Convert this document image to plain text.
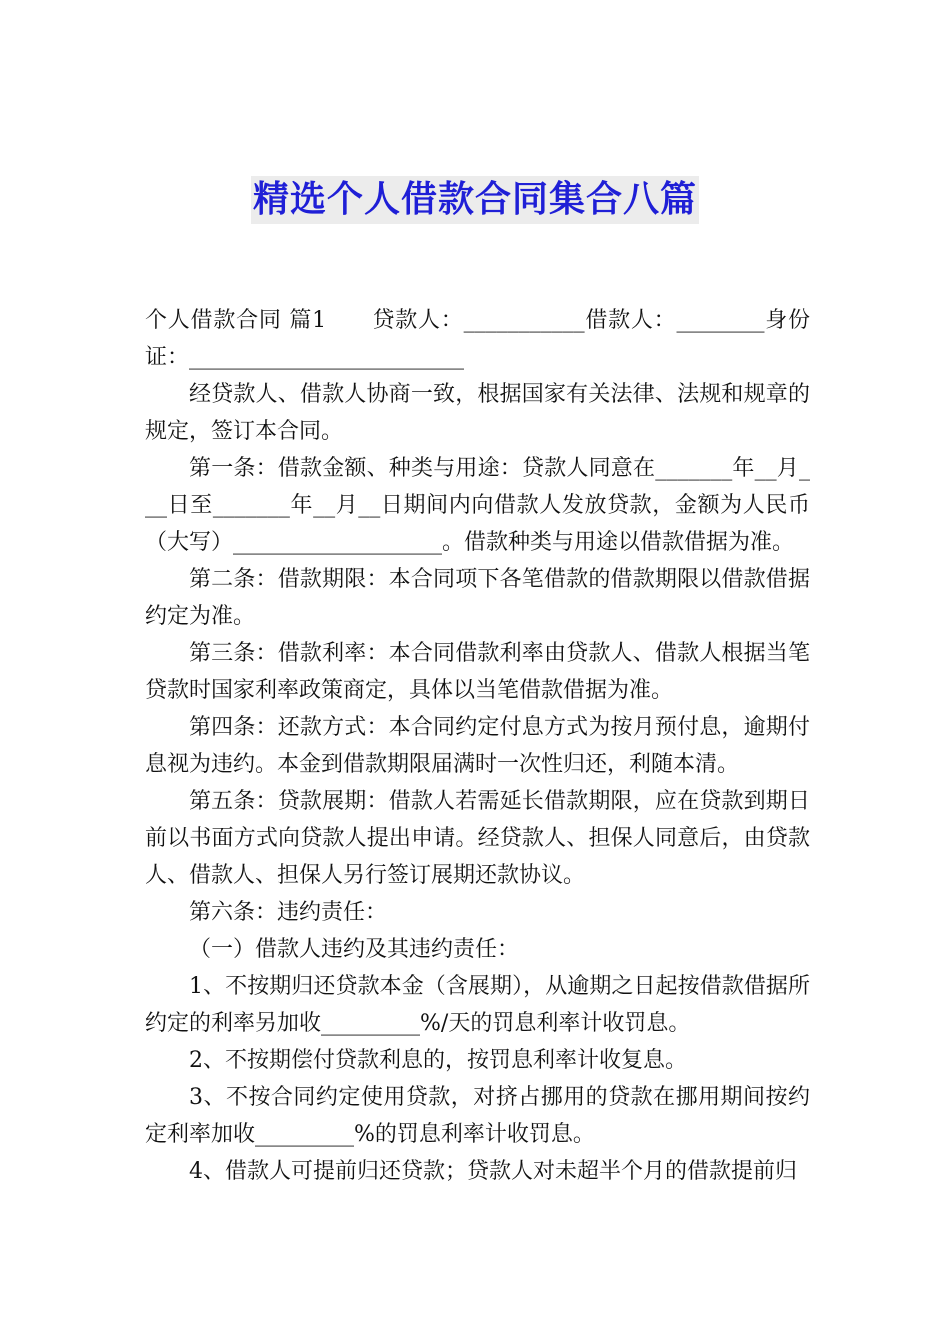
精选个人借款合同集合八篇

个人借款合同 篇1　　贷款人：___________借款人：________身份证：_________________________

经贷款人、借款人协商一致，根据国家有关法律、法规和规章的规定，签订本合同。

第一条：借款金额、种类与用途：贷款人同意在_______年__月___日至_______年__月__日期间内向借款人发放贷款，金额为人民币（大写）___________________。借款种类与用途以借款借据为准。

第二条：借款期限：本合同项下各笔借款的借款期限以借款借据约定为准。

第三条：借款利率：本合同借款利率由贷款人、借款人根据当笔贷款时国家利率政策商定，具体以当笔借款借据为准。

第四条：还款方式：本合同约定付息方式为按月预付息，逾期付息视为违约。本金到借款期限届满时一次性归还，利随本清。

第五条：贷款展期：借款人若需延长借款期限，应在贷款到期日前以书面方式向贷款人提出申请。经贷款人、担保人同意后，由贷款人、借款人、担保人另行签订展期还款协议。

第六条：违约责任：

（一）借款人违约及其违约责任：

1、不按期归还贷款本金（含展期），从逾期之日起按借款借据所约定的利率另加收_________%/天的罚息利率计收罚息。

2、不按期偿付贷款利息的，按罚息利率计收复息。

3、不按合同约定使用贷款，对挤占挪用的贷款在挪用期间按约定利率加收_________%的罚息利率计收罚息。

4、借款人可提前归还贷款；贷款人对未超半个月的借款提前归
